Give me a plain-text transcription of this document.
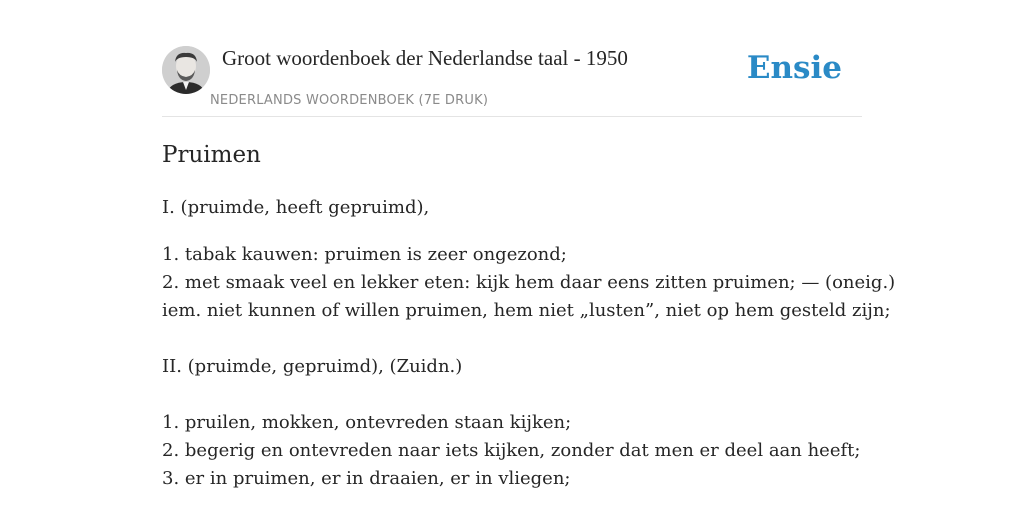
Groot woordenboek der Nederlandse taal - 1950
NEDERLANDS WOORDENBOEK (7E DRUK)
Ensie
Pruimen
I. (pruimde, heeft gepruimd),
1. tabak kauwen: pruimen is zeer ongezond;
2. met smaak veel en lekker eten: kijk hem daar eens zitten pruimen; — (oneig.)
iem. niet kunnen of willen pruimen, hem niet „lusten”, niet op hem gesteld zijn;
II. (pruimde, gepruimd), (Zuidn.)
1. pruilen, mokken, ontevreden staan kijken;
2. begerig en ontevreden naar iets kijken, zonder dat men er deel aan heeft;
3. er in pruimen, er in draaien, er in vliegen;
